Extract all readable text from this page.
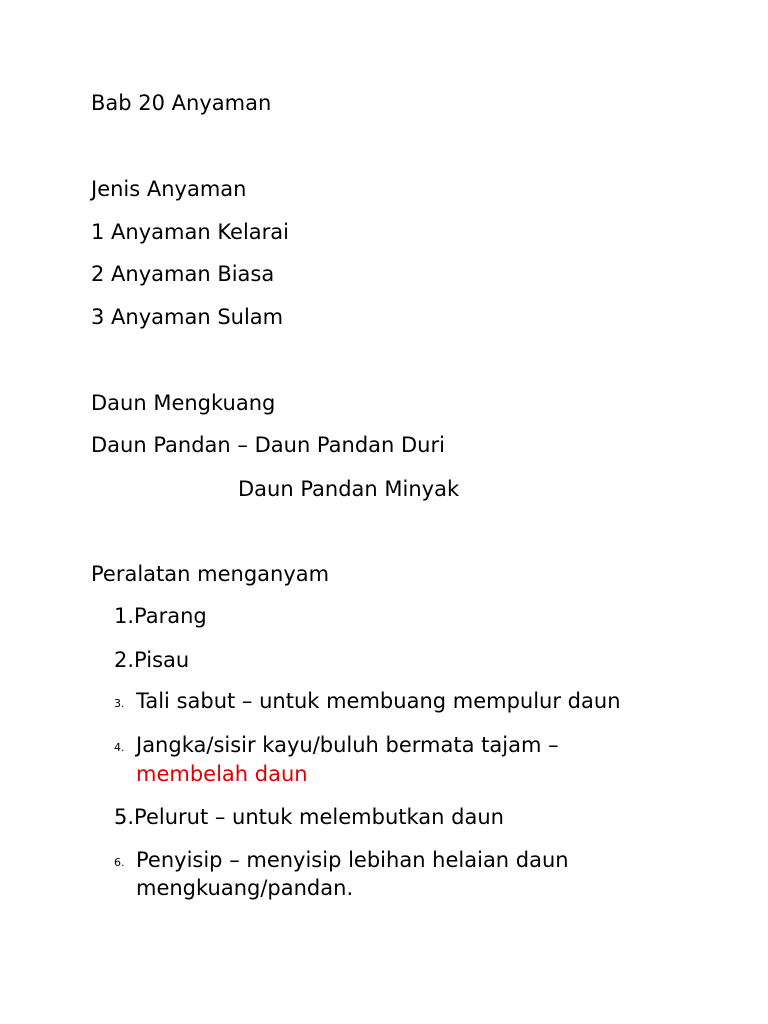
Bab 20 Anyaman
Jenis Anyaman
1 Anyaman Kelarai
2 Anyaman Biasa
3 Anyaman Sulam
Daun Mengkuang
Daun Pandan – Daun Pandan Duri
Daun Pandan Minyak
Peralatan menganyam
1.Parang
2.Pisau
3. Tali sabut – untuk membuang mempulur daun
4. Jangka/sisir kayu/buluh bermata tajam –
membelah daun
5.Pelurut – untuk melembutkan daun
6. Penyisip – menyisip lebihan helaian daun
mengkuang/pandan.
